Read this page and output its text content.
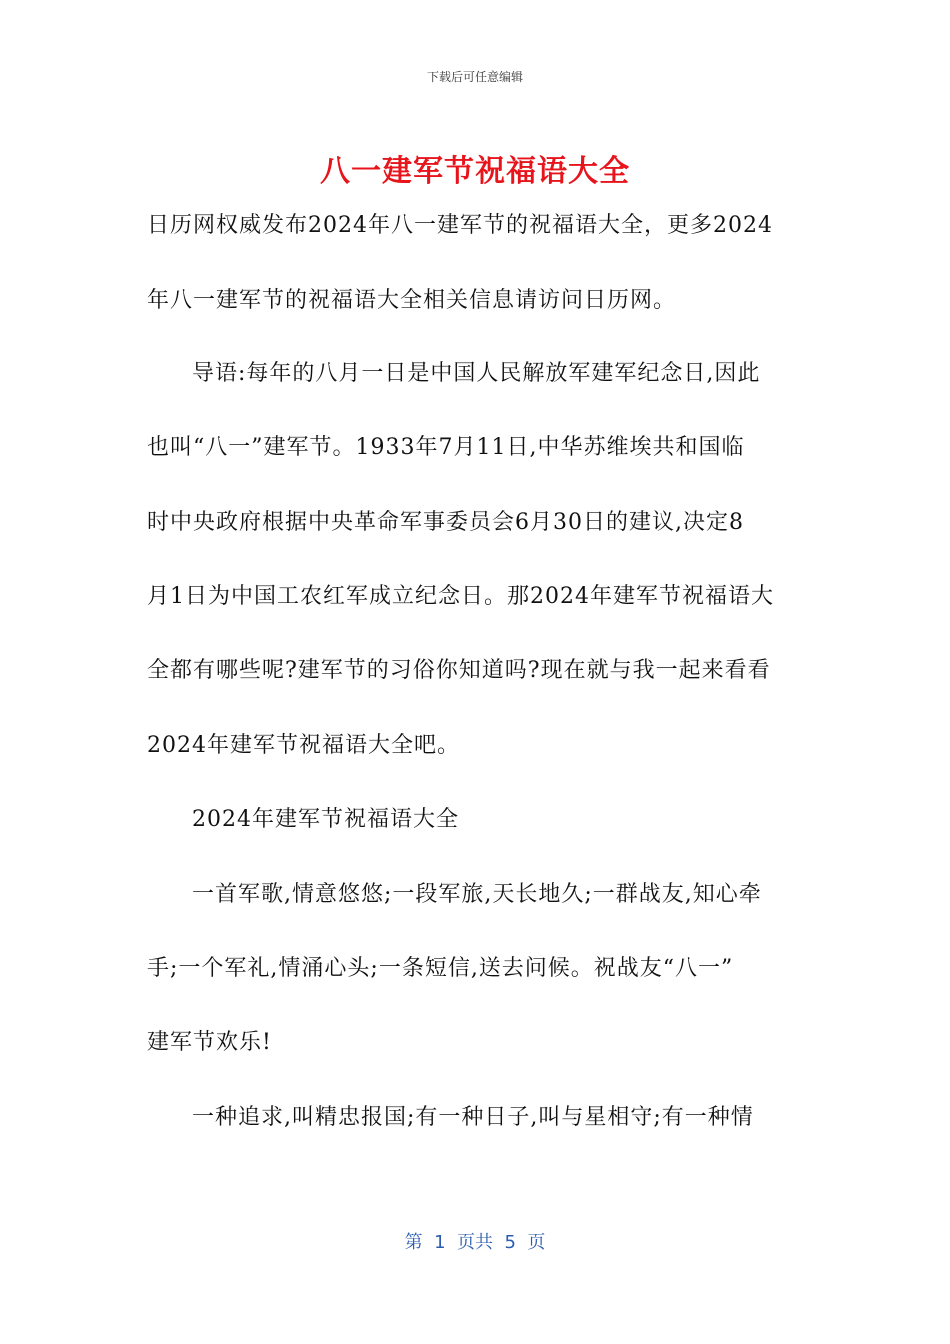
下载后可任意编辑
八一建军节祝福语大全
日历网权威发布2024年八一建军节的祝福语大全，更多2024
年八一建军节的祝福语大全相关信息请访问日历网。
导语:每年的八月一日是中国人民解放军建军纪念日,因此
也叫“八一”建军节。1933年7月11日,中华苏维埃共和国临
时中央政府根据中央革命军事委员会6月30日的建议,决定8
月1日为中国工农红军成立纪念日。那2024年建军节祝福语大
全都有哪些呢?建军节的习俗你知道吗?现在就与我一起来看看
2024年建军节祝福语大全吧。
2024年建军节祝福语大全
一首军歌,情意悠悠;一段军旅,天长地久;一群战友,知心牵
手;一个军礼,情涌心头;一条短信,送去问候。祝战友“八一”
建军节欢乐!
一种追求,叫精忠报国;有一种日子,叫与星相守;有一种情
第  1  页共  5  页
